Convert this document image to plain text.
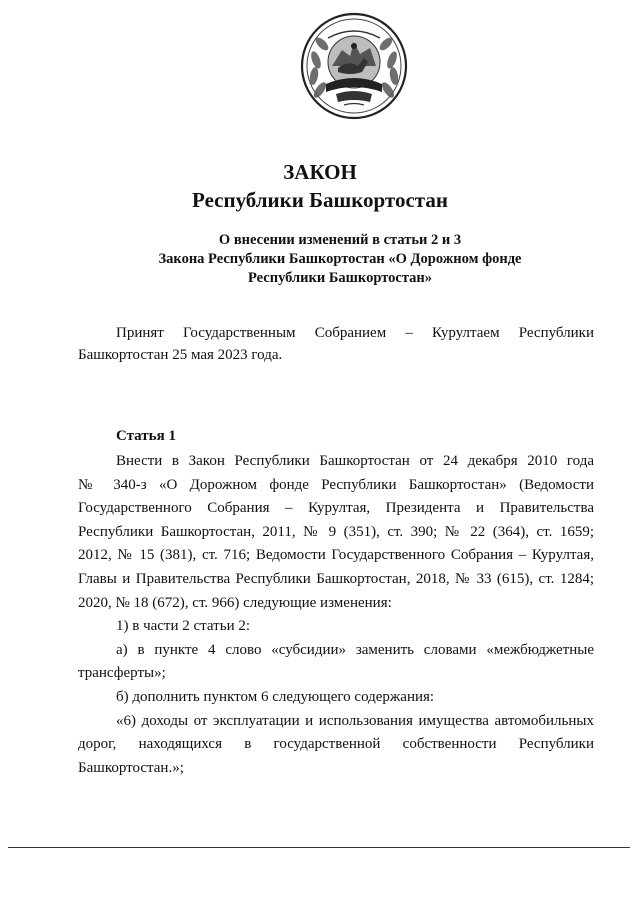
ЗАКОН
Республики Башкортостан
О внесении изменений в статьи 2 и 3
Закона Республики Башкортостан «О Дорожном фонде
Республики Башкортостан»
Принят Государственным Собранием – Курултаем Республики
Башкортостан 25 мая 2023 года.
Статья 1
Внести в Закон Республики Башкортостан от 24 декабря 2010 года
№ 340-з «О Дорожном фонде Республики Башкортостан» (Ведомости
Государственного Собрания – Курултая, Президента и Правительства
Республики Башкортостан, 2011, № 9 (351), ст. 390; № 22 (364), ст. 1659;
2012, № 15 (381), ст. 716; Ведомости Государственного Собрания – Курултая,
Главы и Правительства Республики Башкортостан, 2018, № 33 (615), ст. 1284;
2020, № 18 (672), ст. 966) следующие изменения:
1) в части 2 статьи 2:
а) в пункте 4 слово «субсидии» заменить словами «межбюджетные
трансферты»;
б) дополнить пунктом 6 следующего содержания:
«6) доходы от эксплуатации и использования имущества автомобильных
дорог, находящихся в государственной собственности Республики
Башкортостан.»;
